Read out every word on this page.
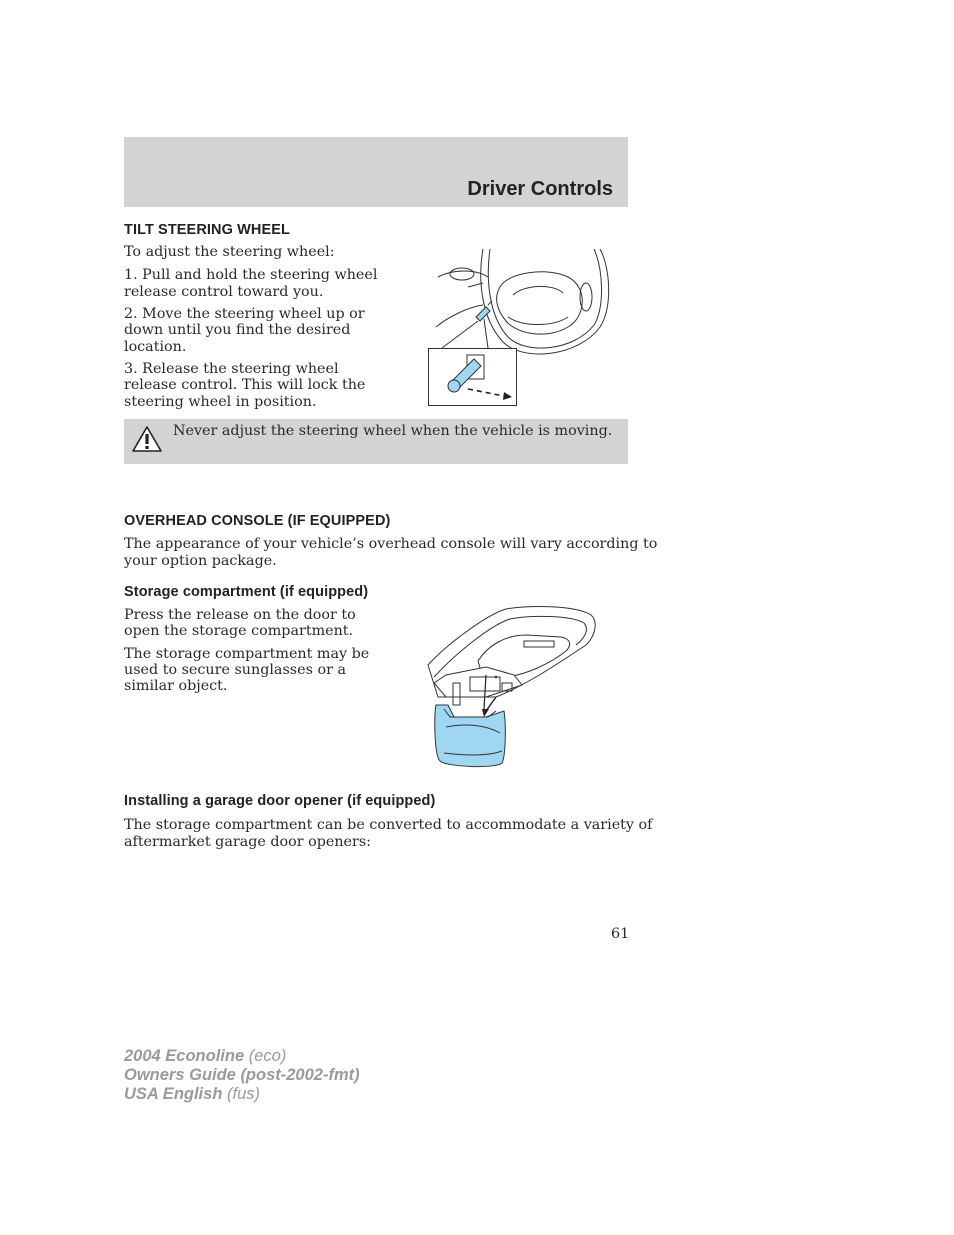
Driver Controls
TILT STEERING WHEEL

To adjust the steering wheel:

1. Pull and hold the steering wheel

release control toward you.

2. Move the steering wheel up or

down until you find the desired

location.

3. Release the steering wheel

release control. This will lock the

steering wheel in position.

Never adjust the steering wheel when the vehicle is moving.

OVERHEAD CONSOLE (IF EQUIPPED)

The appearance of your vehicle’s overhead console will vary according to

your option package.

Storage compartment (if equipped)

Press the release on the door to

open the storage compartment.

The storage compartment may be

used to secure sunglasses or a

similar object.

Installing a garage door opener (if equipped)

The storage compartment can be converted to accommodate a variety of

aftermarket garage door openers:

61

2004 Econoline (eco)
Owners Guide (post-2002-fmt)
USA English (fus)
